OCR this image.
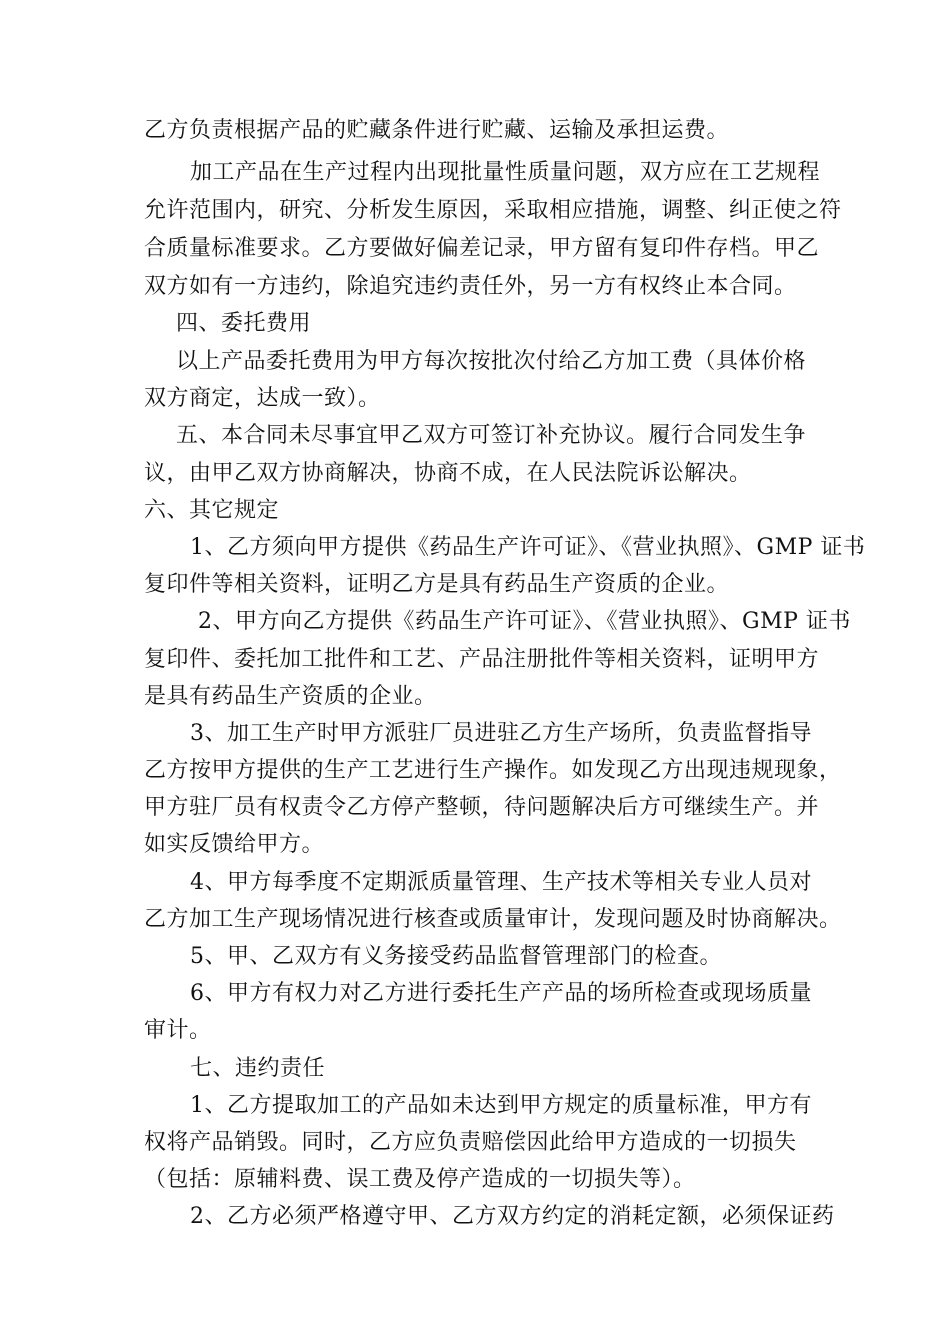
乙方负责根据产品的贮藏条件进行贮藏、运输及承担运费。
加工产品在生产过程内出现批量性质量问题，双方应在工艺规程
允许范围内，研究、分析发生原因，采取相应措施，调整、纠正使之符
合质量标准要求。乙方要做好偏差记录，甲方留有复印件存档。甲乙
双方如有一方违约，除追究违约责任外，另一方有权终止本合同。
四、委托费用
以上产品委托费用为甲方每次按批次付给乙方加工费（具体价格
双方商定，达成一致）。
五、本合同未尽事宜甲乙双方可签订补充协议。履行合同发生争
议，由甲乙双方协商解决，协商不成，在人民法院诉讼解决。
六、其它规定
1、乙方须向甲方提供《药品生产许可证》、《营业执照》、GMP 证书
复印件等相关资料，证明乙方是具有药品生产资质的企业。
2、甲方向乙方提供《药品生产许可证》、《营业执照》、GMP 证书
复印件、委托加工批件和工艺、产品注册批件等相关资料，证明甲方
是具有药品生产资质的企业。
3、加工生产时甲方派驻厂员进驻乙方生产场所，负责监督指导
乙方按甲方提供的生产工艺进行生产操作。如发现乙方出现违规现象，
甲方驻厂员有权责令乙方停产整顿，待问题解决后方可继续生产。并
如实反馈给甲方。
4、甲方每季度不定期派质量管理、生产技术等相关专业人员对
乙方加工生产现场情况进行核查或质量审计，发现问题及时协商解决。
5、甲、乙双方有义务接受药品监督管理部门的检查。
6、甲方有权力对乙方进行委托生产产品的场所检查或现场质量
审计。
七、违约责任
1、乙方提取加工的产品如未达到甲方规定的质量标准，甲方有
权将产品销毁。同时，乙方应负责赔偿因此给甲方造成的一切损失
（包括：原辅料费、误工费及停产造成的一切损失等）。
2、乙方必须严格遵守甲、乙方双方约定的消耗定额，必须保证药
